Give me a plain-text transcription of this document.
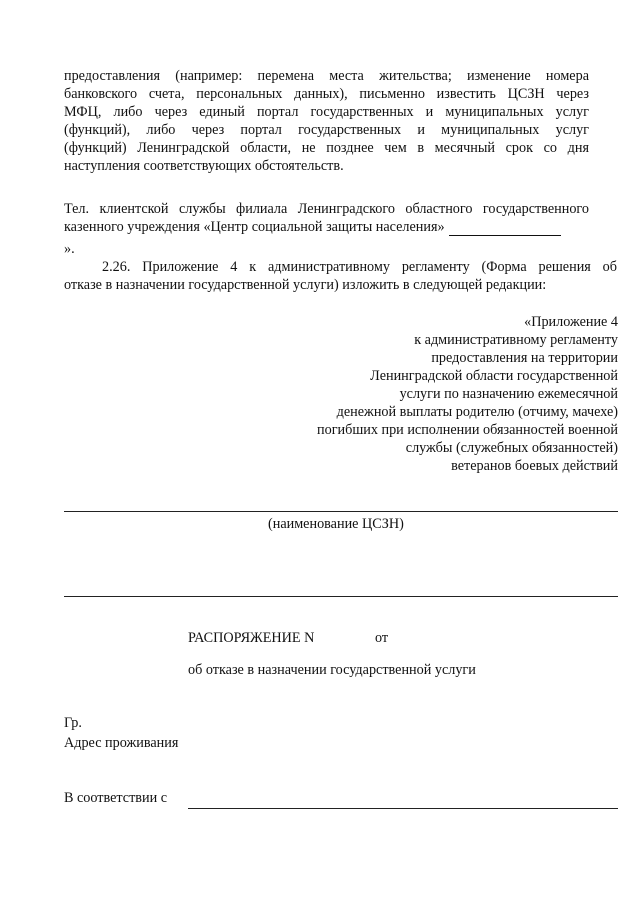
предоставления (например: перемена места жительства; изменение номера
банковского счета, персональных данных), письменно известить ЦСЗН через
МФЦ, либо через единый портал государственных и муниципальных услуг
(функций), либо через портал государственных и муниципальных услуг
(функций) Ленинградской области, не позднее чем в месячный срок со дня
наступления соответствующих обстоятельств.
Тел. клиентской службы филиала Ленинградского областного государственного
казенного учреждения «Центр социальной защиты населения»
».
2.26. Приложение 4 к административному регламенту (Форма решения об
отказе в назначении государственной услуги) изложить в следующей редакции:
«Приложение 4
к административному регламенту
предоставления на территории
Ленинградской области государственной
услуги по назначению ежемесячной
денежной выплаты родителю (отчиму, мачехе)
погибших при исполнении обязанностей военной
службы (служебных обязанностей)
ветеранов боевых действий
(наименование ЦСЗН)
РАСПОРЯЖЕНИЕ N	от
об отказе в назначении государственной услуги
Гр.
Адрес проживания
В соответствии с
